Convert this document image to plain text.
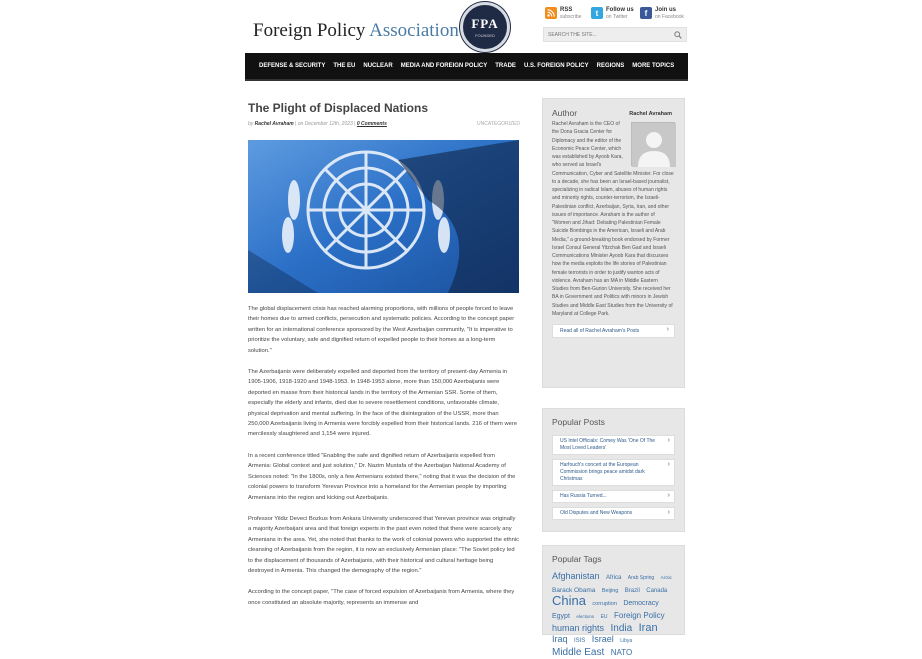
Foreign Policy Association FPA
FOUNDED
RSS
subscribe	t	Follow us
on Twitter	f	Join us
on Facebook
SEARCH THE SITE...
DEFENSE & SECURITY THE EU NUCLEAR MEDIA AND FOREIGN POLICY TRADE U.S. FOREIGN POLICY REGIONS MORE TOPICS
The Plight of Displaced Nations
by
Rachel Avraham | on December 12th, 2023 | 0 Comments	UNCATEGORIZED

The global displacement crisis has reached alarming proportions, with millions of people forced to leave their homes due to armed conflicts, persecution and systematic policies. According to the concept paper written for an international conference sponsored by the West Azerbaijan community, "It is imperative to prioritize the voluntary, safe and dignified return of expelled people to their homes as a long-term solution."

The Azerbaijanis were deliberately expelled and deported from the territory of present-day Armenia in 1905-1906, 1918-1920 and 1948-1953. In 1948-1953 alone, more than 150,000 Azerbaijanis were deported en masse from their historical lands in the territory of the Armenian SSR. Some of them, especially the elderly and infants, died due to severe resettlement conditions, unfavorable climate, physical deprivation and mental suffering. In the face of the disintegration of the USSR, more than 250,000 Azerbaijanis living in Armenia were forcibly expelled from their historical lands. 216 of them were mercilessly slaughtered and 1,154 were injured.

In a recent conference titled "Enabling the safe and dignified return of Azerbaijanis expelled from Armenia: Global context and just solution," Dr. Nazim Mustafa of the Azerbaijan National Academy of Sciences noted: "In the 1800s, only a few Armenians existed there," noting that it was the decision of the colonial powers to transform Yerevan Province into a homeland for the Armenian people by importing Armenians into the region and kicking out Azerbaijanis.

Professor Yildiz Deveci Bozkus from Ankara University underscored that Yerevan province was originally a majority Azerbaijani area and that foreign experts in the past even noted that there were scarcely any Armenians in the area. Yet, she noted that thanks to the work of colonial powers who supported the ethnic cleansing of Azerbaijanis from the region, it is now an exclusively Armenian place: "The Soviet policy led to the displacement of thousands of Azerbaijanis, with their historical and cultural heritage being destroyed in Armenia. This changed the demography of the region."

According to the concept paper, "The case of forced expulsion of Azerbaijanis from Armenia, where they once constituted an absolute majority, represents an immense and

Author	Rachel Avraham
Rachel Avraham is the CEO of the Dona Gracia Center for Diplomacy and the editor of the Economic Peace Center, which was established by Ayoob Kara, who served as Israel's Communication, Cyber and Satellite Minister. For close to a decade, she has been an Israel-based journalist, specializing in radical Islam, abuses of human rights and minority rights, counter-terrorism, the Israeli-Palestinian conflict, Azerbaijan, Syria, Iran, and other issues of importance. Avraham is the author of "Women and Jihad: Debating Palestinian Female Suicide Bombings in the American, Israeli and Arab Media," a ground-breaking book endorsed by Former Israel Consul General Yitzchak Ben Gad and Israeli Communications Minister Ayoob Kara that discusses how the media exploits the life stories of Palestinian female terrorists in order to justify wanton acts of violence. Avraham has an MA in Middle Eastern Studies from Ben-Gurion University. She received her BA in Government and Politics with minors in Jewish Studies and Middle East Studies from the University of Maryland at College Park.
Read all of Rachel Avraham's Posts ›
Popular Posts
US Intel Officials: Comey Was 'One Of The Most Loved Leaders' ›
Harfouch's concert at the European Commission brings peace amidst dark Christmas ›
Has Russia Turned... ›
Old Disputes and New Weapons ›
Popular Tags
Afghanistan Africa Arab Spring Arctic Barack Obama Beijing Brazil Canada China corruption Democracy Egypt elections EU Foreign Policy human rights India Iran Iraq ISIS Israel Libya Middle East NATO
